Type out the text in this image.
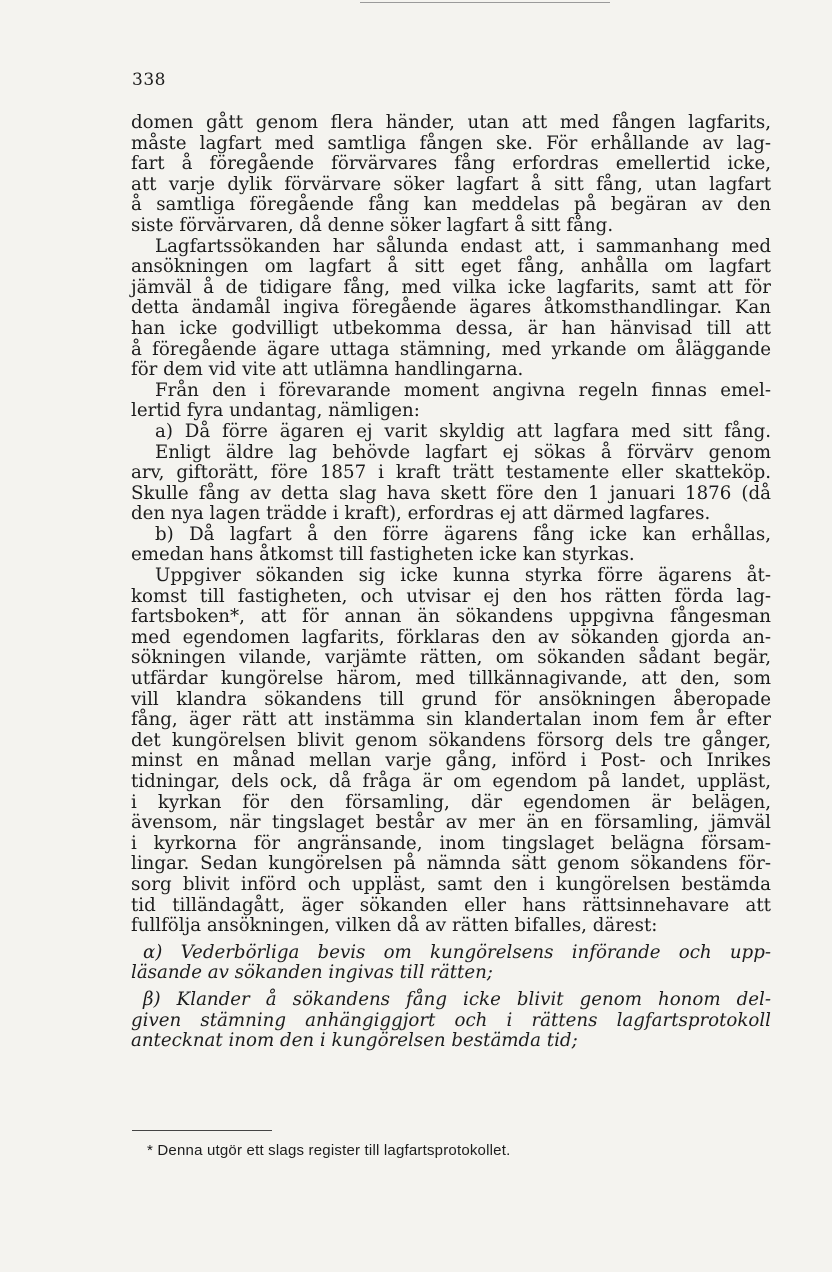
338
domen gått genom flera händer, utan att med fången lagfarits,
måste lagfart med samtliga fången ske. För erhållande av lag-
fart å föregående förvärvares fång erfordras emellertid icke,
att varje dylik förvärvare söker lagfart å sitt fång, utan lagfart
å samtliga föregående fång kan meddelas på begäran av den
siste förvärvaren, då denne söker lagfart å sitt fång.
Lagfartssökanden har sålunda endast att, i sammanhang med
ansökningen om lagfart å sitt eget fång, anhålla om lagfart
jämväl å de tidigare fång, med vilka icke lagfarits, samt att för
detta ändamål ingiva föregående ägares åtkomsthandlingar. Kan
han icke godvilligt utbekomma dessa, är han hänvisad till att
å föregående ägare uttaga stämning, med yrkande om åläggande
för dem vid vite att utlämna handlingarna.
Från den i förevarande moment angivna regeln finnas emel-
lertid fyra undantag, nämligen:
a) Då förre ägaren ej varit skyldig att lagfara med sitt fång.
Enligt äldre lag behövde lagfart ej sökas å förvärv genom
arv, giftorätt, före 1857 i kraft trätt testamente eller skatteköp.
Skulle fång av detta slag hava skett före den 1 januari 1876 (då
den nya lagen trädde i kraft), erfordras ej att därmed lagfares.
b) Då lagfart å den förre ägarens fång icke kan erhållas,
emedan hans åtkomst till fastigheten icke kan styrkas.
Uppgiver sökanden sig icke kunna styrka förre ägarens åt-
komst till fastigheten, och utvisar ej den hos rätten förda lag-
fartsboken*, att för annan än sökandens uppgivna fångesman
med egendomen lagfarits, förklaras den av sökanden gjorda an-
sökningen vilande, varjämte rätten, om sökanden sådant begär,
utfärdar kungörelse härom, med tillkännagivande, att den, som
vill klandra sökandens till grund för ansökningen åberopade
fång, äger rätt att instämma sin klandertalan inom fem år efter
det kungörelsen blivit genom sökandens försorg dels tre gånger,
minst en månad mellan varje gång, införd i Post- och Inrikes
tidningar, dels ock, då fråga är om egendom på landet, uppläst,
i kyrkan för den församling, där egendomen är belägen,
ävensom, när tingslaget består av mer än en församling, jämväl
i kyrkorna för angränsande, inom tingslaget belägna försam-
lingar. Sedan kungörelsen på nämnda sätt genom sökandens för-
sorg blivit införd och uppläst, samt den i kungörelsen bestämda
tid tilländagått, äger sökanden eller hans rättsinnehavare att
fullfölja ansökningen, vilken då av rätten bifalles, därest:
α) Vederbörliga bevis om kungörelsens införande och upp-
läsande av sökanden ingivas till rätten;
β) Klander å sökandens fång icke blivit genom honom del-
given stämning anhängiggjort och i rättens lagfartsprotokoll
antecknat inom den i kungörelsen bestämda tid;
* Denna utgör ett slags register till lagfartsprotokollet.
